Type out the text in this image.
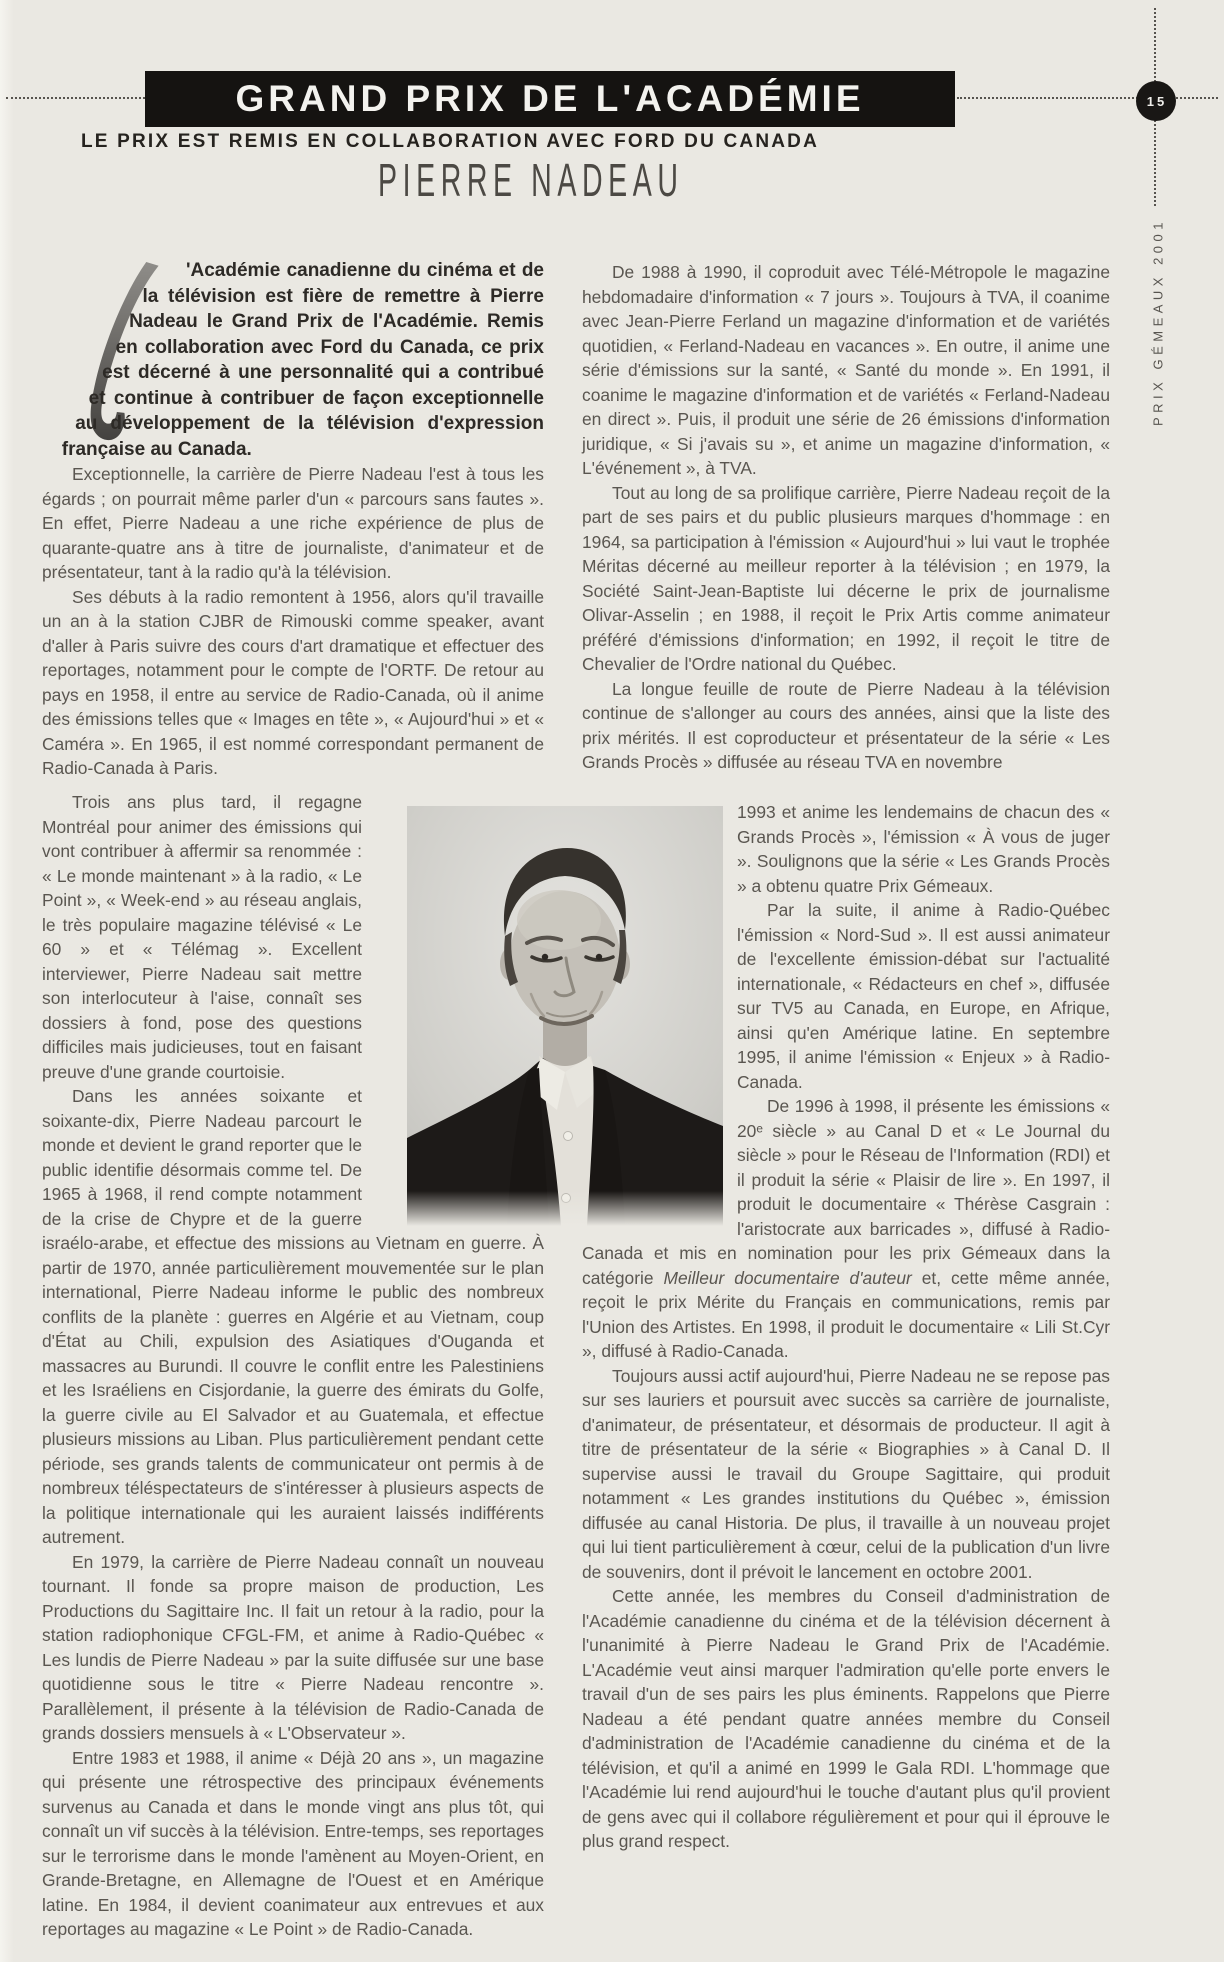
GRAND PRIX DE L'ACADÉMIE	15
LE PRIX EST REMIS EN COLLABORATION AVEC FORD DU CANADA
PIERRE NADEAU
PRIX GÉMEAUX 2001

'Académie canadienne du cinéma et de la télévision est fière de remettre à Pierre Nadeau le Grand Prix de l'Académie. Remis en collaboration avec Ford du Canada, ce prix est décerné à une personnalité qui a contribué et continue à contribuer de façon exceptionnelle au développement de la télévision d'expression française au Canada.

Exceptionnelle, la carrière de Pierre Nadeau l'est à tous les égards ; on pourrait même parler d'un « parcours sans fautes ». En effet, Pierre Nadeau a une riche expérience de plus de quarante-quatre ans à titre de journaliste, d'animateur et de présentateur, tant à la radio qu'à la télévision.

Ses débuts à la radio remontent à 1956, alors qu'il travaille un an à la station CJBR de Rimouski comme speaker, avant d'aller à Paris suivre des cours d'art dramatique et effectuer des reportages, notamment pour le compte de l'ORTF. De retour au pays en 1958, il entre au service de Radio-Canada, où il anime des émissions telles que « Images en tête », « Aujourd'hui » et « Caméra ». En 1965, il est nommé correspondant permanent de Radio-Canada à Paris.

Trois ans plus tard, il regagne Montréal pour animer des émissions qui vont contribuer à affermir sa renommée : « Le monde maintenant » à la radio, « Le Point », « Week-end » au réseau anglais, le très populaire magazine télévisé « Le 60 » et « Télémag ». Excellent interviewer, Pierre Nadeau sait mettre son interlocuteur à l'aise, connaît ses dossiers à fond, pose des questions difficiles mais judicieuses, tout en faisant preuve d'une grande courtoisie.

Dans les années soixante et soixante-dix, Pierre Nadeau parcourt le monde et devient le grand reporter que le public identifie désormais comme tel. De 1965 à 1968, il rend compte notamment de la crise de Chypre et de la guerre israélo-arabe, et effectue des missions au Vietnam en guerre. À partir de 1970, année particulièrement mouvementée sur le plan international, Pierre Nadeau informe le public des nombreux conflits de la planète : guerres en Algérie et au Vietnam, coup d'État au Chili, expulsion des Asiatiques d'Ouganda et massacres au Burundi. Il couvre le conflit entre les Palestiniens et les Israéliens en Cisjordanie, la guerre des émirats du Golfe, la guerre civile au El Salvador et au Guatemala, et effectue plusieurs missions au Liban. Plus particulièrement pendant cette période, ses grands talents de communicateur ont permis à de nombreux téléspectateurs de s'intéresser à plusieurs aspects de la politique internationale qui les auraient laissés indifférents autrement.

En 1979, la carrière de Pierre Nadeau connaît un nouveau tournant. Il fonde sa propre maison de production, Les Productions du Sagittaire Inc. Il fait un retour à la radio, pour la station radiophonique CFGL-FM, et anime à Radio-Québec « Les lundis de Pierre Nadeau » par la suite diffusée sur une base quotidienne sous le titre « Pierre Nadeau rencontre ». Parallèlement, il présente à la télévision de Radio-Canada de grands dossiers mensuels à « L'Observateur ».

Entre 1983 et 1988, il anime « Déjà 20 ans », un magazine qui présente une rétrospective des principaux événements survenus au Canada et dans le monde vingt ans plus tôt, qui connaît un vif succès à la télévision. Entre-temps, ses reportages sur le terrorisme dans le monde l'amènent au Moyen-Orient, en Grande-Bretagne, en Allemagne de l'Ouest et en Amérique latine. En 1984, il devient coanimateur aux entrevues et aux reportages au magazine « Le Point » de Radio-Canada.

De 1988 à 1990, il coproduit avec Télé-Métropole le magazine hebdomadaire d'information « 7 jours ». Toujours à TVA, il coanime avec Jean-Pierre Ferland un magazine d'information et de variétés quotidien, « Ferland-Nadeau en vacances ». En outre, il anime une série d'émissions sur la santé, « Santé du monde ». En 1991, il coanime le magazine d'information et de variétés « Ferland-Nadeau en direct ». Puis, il produit une série de 26 émissions d'information juridique, « Si j'avais su », et anime un magazine d'information, « L'événement », à TVA.

Tout au long de sa prolifique carrière, Pierre Nadeau reçoit de la part de ses pairs et du public plusieurs marques d'hommage : en 1964, sa participation à l'émission « Aujourd'hui » lui vaut le trophée Méritas décerné au meilleur reporter à la télévision ; en 1979, la Société Saint-Jean-Baptiste lui décerne le prix de journalisme Olivar-Asselin ; en 1988, il reçoit le Prix Artis comme animateur préféré d'émissions d'information; en 1992, il reçoit le titre de Chevalier de l'Ordre national du Québec.

La longue feuille de route de Pierre Nadeau à la télévision continue de s'allonger au cours des années, ainsi que la liste des prix mérités. Il est coproducteur et présentateur de la série « Les Grands Procès » diffusée au réseau TVA en novembre

1993 et anime les lendemains de chacun des « Grands Procès », l'émission « À vous de juger ». Soulignons que la série « Les Grands Procès » a obtenu quatre Prix Gémeaux.

Par la suite, il anime à Radio-Québec l'émission « Nord-Sud ». Il est aussi animateur de l'excellente émission-débat sur l'actualité internationale, « Rédacteurs en chef », diffusée sur TV5 au Canada, en Europe, en Afrique, ainsi qu'en Amérique latine. En septembre 1995, il anime l'émission « Enjeux » à Radio-Canada.

De 1996 à 1998, il présente les émissions « 20ᵉ siècle » au Canal D et « Le Journal du siècle » pour le Réseau de l'Information (RDI) et il produit la série « Plaisir de lire ». En 1997, il produit le documentaire « Thérèse Casgrain : l'aristocrate aux barricades », diffusé à Radio-Canada et mis en nomination pour les prix Gémeaux dans la catégorie Meilleur documentaire d'auteur et, cette même année, reçoit le prix Mérite du Français en communications, remis par l'Union des Artistes. En 1998, il produit le documentaire « Lili St.Cyr », diffusé à Radio-Canada.

Toujours aussi actif aujourd'hui, Pierre Nadeau ne se repose pas sur ses lauriers et poursuit avec succès sa carrière de journaliste, d'animateur, de présentateur, et désormais de producteur. Il agit à titre de présentateur de la série « Biographies » à Canal D. Il supervise aussi le travail du Groupe Sagittaire, qui produit notamment « Les grandes institutions du Québec », émission diffusée au canal Historia. De plus, il travaille à un nouveau projet qui lui tient particulièrement à cœur, celui de la publication d'un livre de souvenirs, dont il prévoit le lancement en octobre 2001.

Cette année, les membres du Conseil d'administration de l'Académie canadienne du cinéma et de la télévision décernent à l'unanimité à Pierre Nadeau le Grand Prix de l'Académie. L'Académie veut ainsi marquer l'admiration qu'elle porte envers le travail d'un de ses pairs les plus éminents. Rappelons que Pierre Nadeau a été pendant quatre années membre du Conseil d'administration de l'Académie canadienne du cinéma et de la télévision, et qu'il a animé en 1999 le Gala RDI. L'hommage que l'Académie lui rend aujourd'hui le touche d'autant plus qu'il provient de gens avec qui il collabore régulièrement et pour qui il éprouve le plus grand respect.
